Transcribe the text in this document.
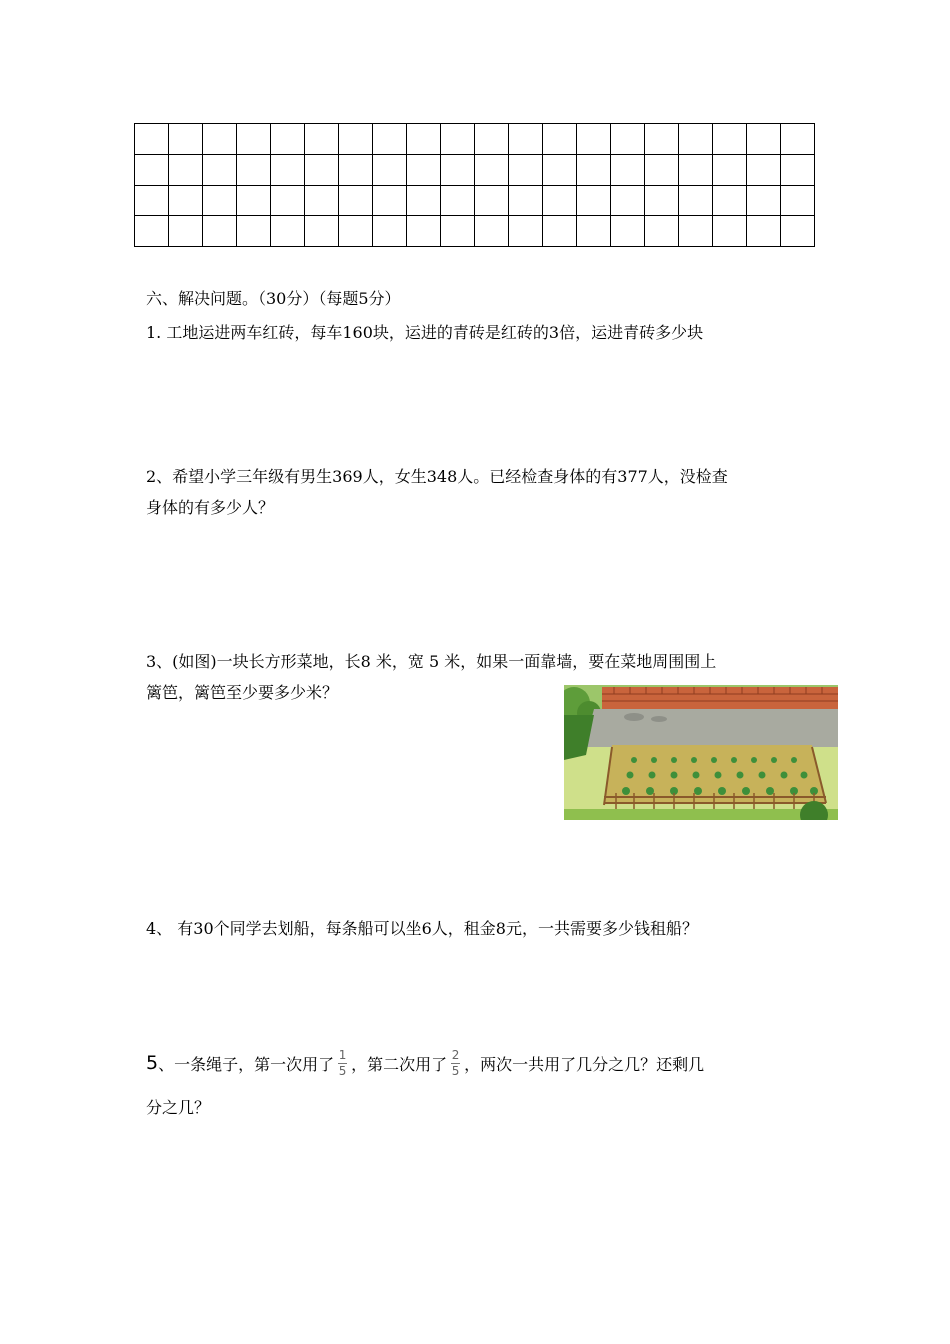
六、解决问题。（30分）（每题5分）
1. 工地运进两车红砖，每车160块，运进的青砖是红砖的3倍，运进青砖多少块
2、希望小学三年级有男生369人，女生348人。已经检查身体的有377人，没检查
身体的有多少人？
3、(如图)一块长方形菜地，长8 米，宽 5 米，如果一面靠墙，要在菜地周围围上
篱笆，篱笆至少要多少米？
4、 有30个同学去划船，每条船可以坐6人，租金8元，一共需要多少钱租船？
5 、一条绳子，第一次用了 $\frac{1}{5}$ ，第二次用了 $\frac{2}{5}$ ，两次一共用了几分之几？还剩几
分之几？
